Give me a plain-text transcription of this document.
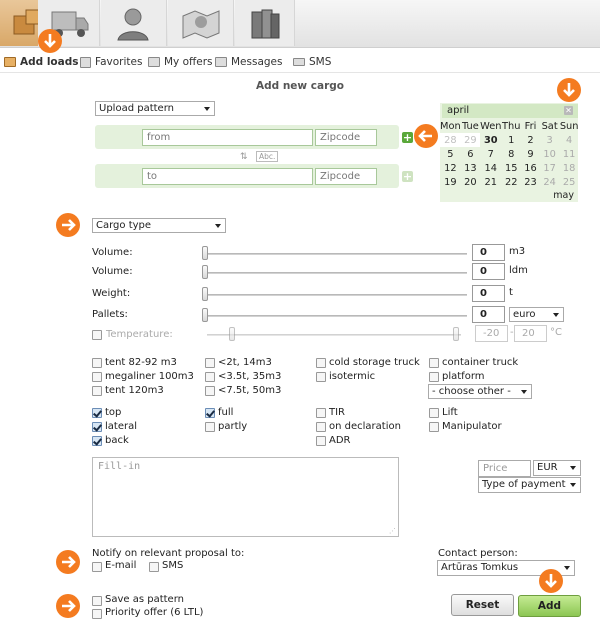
Add loads Favorites My offers Messages	SMS
Add new cargo
Upload pattern
from	Zipcode	+
⇅	Abc.
to	Zipcode	+
april	✕
Mon	Tue	Wen	Thu	Fri	Sat	Sun
28	29	30	1	2	3	4
5	6	7	8	9	10	11
12	13	14	15	16	17	18
19	20	21	22	23	24	25
may
Cargo type
Volume:	0	m3
Volume:	0	ldm
Weight:	0	t
Pallets:	0	euro
Temperature:	-20	- 20	°C
tent 82-92 m3
megaliner 100m3
tent 120m3
<2t, 14m3
<3.5t, 35m3
<7.5t, 50m3
cold storage truck
isotermic
container truck
platform
- choose other -
top
lateral
back
full
partly
TIR
on declaration
ADR
Lift
Manipulator
Fill-in
⋰
Price	EUR
Type of payment
Notify on relevant proposal to:
E-mail	SMS
Contact person:
Artūras Tomkus
Save as pattern
Priority offer (6 LTL)
Reset	Add
